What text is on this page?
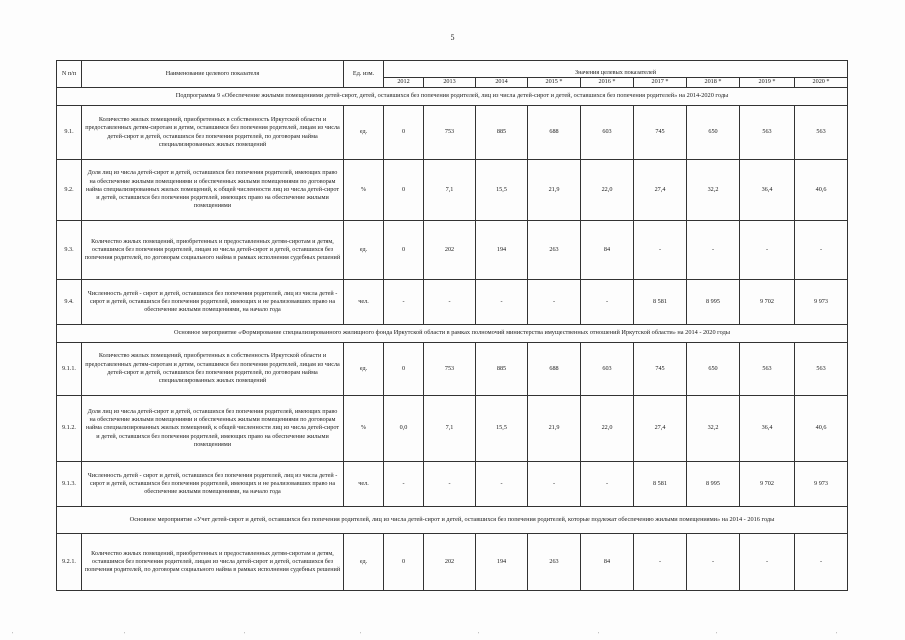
5
N п/п	Наименование целевого показателя	Ед. изм.	Значения целевых показателей								
			2012	2013	2014	2015 *	2016 *	2017 *	2018 *	2019 *	2020 *
Подпрограмма 9 «Обеспечение жилыми помещениями детей-сирот, детей, оставшихся без попечения родителей, лиц из числа детей-сирот и детей, оставшихся без попечения родителей» на 2014-2020 годы											
9.1.	Количество жилых помещений, приобретенных в собственность Иркутской области и предоставленных детям-сиротам и детям, оставшимся без попечения родителей, лицам из числа детей-сирот и детей, оставшихся без попечения родителей, по договорам найма специализированных жилых помещений	ед.	0	753	885	688	603	745	650	563	563
9.2.	Доля лиц из числа детей-сирот и детей, оставшихся без попечения родителей, имеющих право на обеспечение жилыми помещениями и обеспеченных жилыми помещениями по договорам найма специализированных жилых помещений, к общей численности лиц из числа детей-сирот и детей, оставшихся без попечения родителей, имеющих право на обеспечение жилыми помещениями	%	0	7,1	15,5	21,9	22,0	27,4	32,2	36,4	40,6
9.3.	Количество жилых помещений, приобретенных и предоставленных детям-сиротам и детям, оставшимся без попечения родителей, лицам из числа детей-сирот и детей, оставшихся без попечения родителей, по договорам социального найма в рамках исполнения судебных решений	ед.	0	202	194	263	84	-	-	-	-
9.4.	Численность детей - сирот и детей, оставшихся без попечения родителей, лиц из числа детей - сирот и детей, оставшихся без попечения родителей, имеющих и не реализовавших право на обеспечение жилыми помещениями, на начало года	чел.	-	-	-	-	-	8 581	8 995	9 702	9 973
Основное мероприятие «Формирование специализированного жилищного фонда Иркутской области в рамках полномочий министерства имущественных отношений Иркутской области» на 2014 - 2020 годы											
9.1.1.	Количество жилых помещений, приобретенных в собственность Иркутской области и предоставленных детям-сиротам и детям, оставшимся без попечения родителей, лицам из числа детей-сирот и детей, оставшихся без попечения родителей, по договорам найма специализированных жилых помещений	ед.	0	753	885	688	603	745	650	563	563
9.1.2.	Доля лиц из числа детей-сирот и детей, оставшихся без попечения родителей, имеющих право на обеспечение жилыми помещениями и обеспеченных жилыми помещениями по договорам найма специализированных жилых помещений, к общей численности лиц из числа детей-сирот и детей, оставшихся без попечения родителей, имеющих право на обеспечение жилыми помещениями	%	0,0	7,1	15,5	21,9	22,0	27,4	32,2	36,4	40,6
9.1.3.	Численность детей - сирот и детей, оставшихся без попечения родителей, лиц из числа детей - сирот и детей, оставшихся без попечения родителей, имеющих и не реализовавших право на обеспечение жилыми помещениями, на начало года	чел.	-	-	-	-	-	8 581	8 995	9 702	9 973
Основное мероприятие «Учет детей-сирот и детей, оставшихся без попечения родителей, лиц из числа детей-сирот и детей, оставшихся без попечения родителей, которые подлежат обеспечению жилыми помещениями» на 2014 - 2016 годы											
9.2.1.	Количество жилых помещений, приобретенных и предоставленных детям-сиротам и детям, оставшимся без попечения родителей, лицам из числа детей-сирот и детей, оставшихся без попечения родителей, по договорам социального найма в рамках исполнения судебных решений	ед.	0	202	194	263	84	-	-	-	-
'	'	'	'	'	'	'	'
